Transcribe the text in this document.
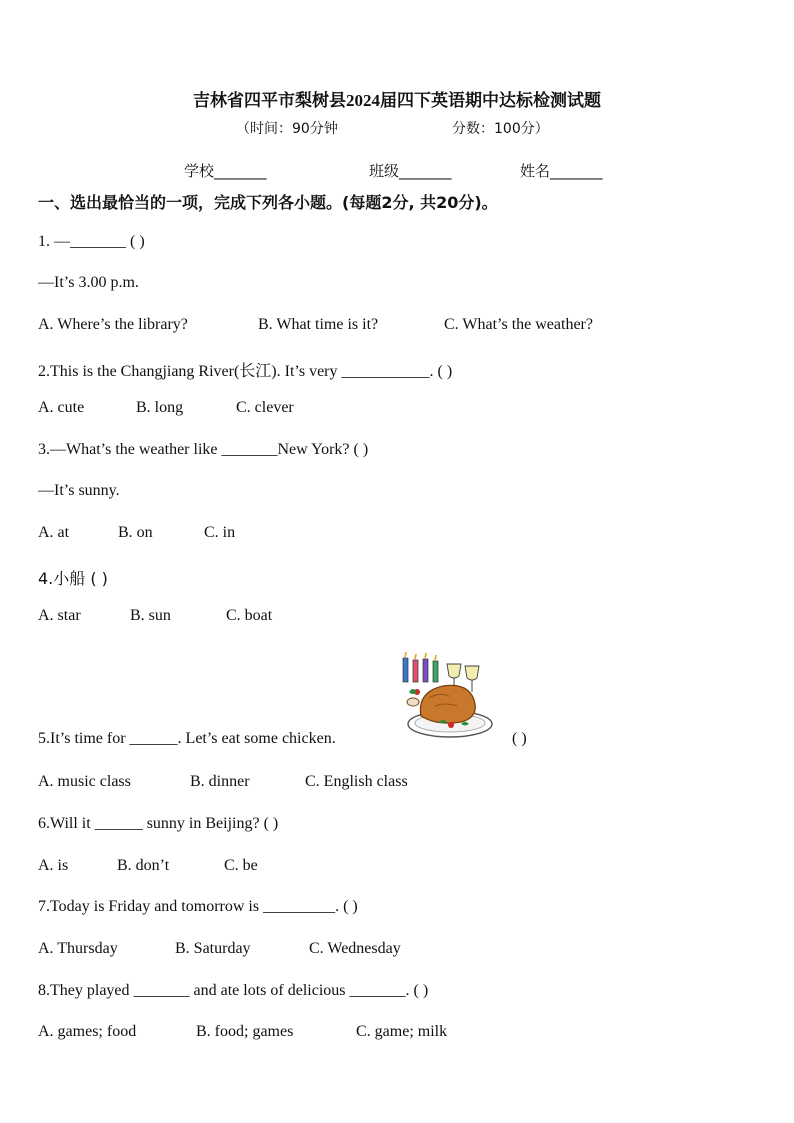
吉林省四平市梨树县2024届四下英语期中达标检测试题
（时间：90分钟	分数：100分）
学校_______	班级_______	姓名_______
一、选出最恰当的一项，完成下列各小题。(每题2分, 共20分)。
1. —_______ ( )
—It’s 3.00 p.m.
A. Where’s the library?	B. What time is it?	C. What’s the weather?
2.This is the Changjiang River(长江). It’s very ___________. ( )
A. cute	B. long	C. clever
3.—What’s the weather like _______New York? ( )
—It’s sunny.
A. at	B. on	C. in
4.小船 ( )
A. star	B. sun	C. boat
5.It’s time for ______. Let’s eat some chicken.	( )
A. music class	B. dinner	C. English class
6.Will it ______ sunny in Beijing? ( )
A. is	B. don’t	C. be
7.Today is Friday and tomorrow is _________. ( )
A. Thursday	B. Saturday	C. Wednesday
8.They played _______ and ate lots of delicious _______. ( )
A. games; food	B. food; games	C. game; milk
